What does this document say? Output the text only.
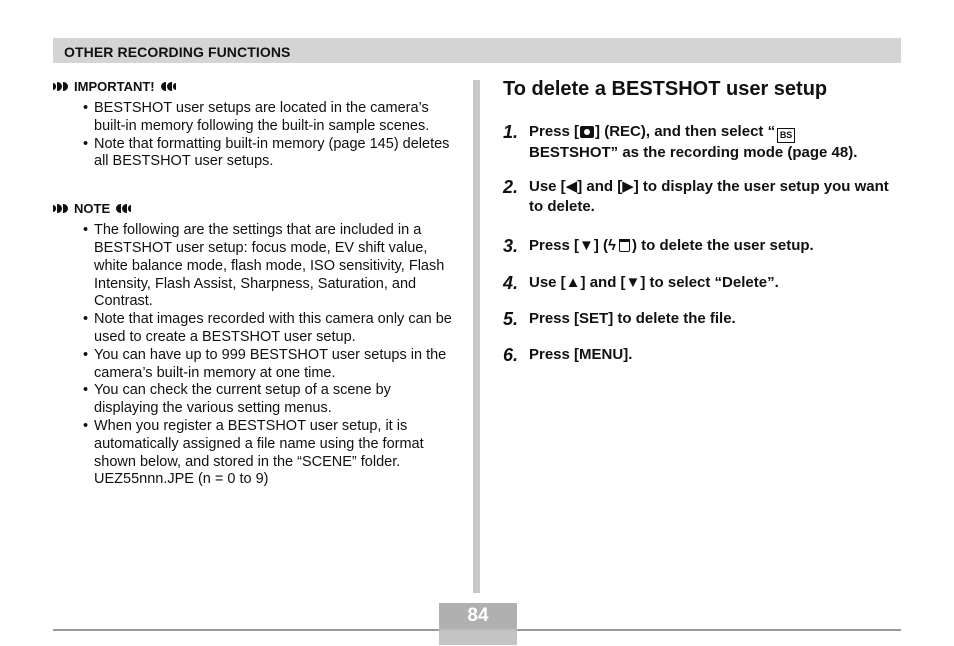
OTHER RECORDING FUNCTIONS
IMPORTANT!
• BESTSHOT user setups are located in the camera’s built-in memory following the built-in sample scenes.
• Note that formatting built-in memory (page 145) deletes all BESTSHOT user setups.
NOTE
• The following are the settings that are included in a BESTSHOT user setup: focus mode, EV shift value, white balance mode, flash mode, ISO sensitivity, Flash Intensity, Flash Assist, Sharpness, Saturation, and Contrast.
• Note that images recorded with this camera only can be used to create a BESTSHOT user setup.
• You can have up to 999 BESTSHOT user setups in the camera’s built-in memory at one time.
• You can check the current setup of a scene by displaying the various setting menus.
• When you register a BESTSHOT user setup, it is automatically assigned a file name using the format shown below, and stored in the “SCENE” folder.
UEZ55nnn.JPE (n = 0 to 9)
To delete a BESTSHOT user setup
1. Press [ ] (REC), and then select “ BS
BESTSHOT” as the recording mode (page 48).
2. Use [◀] and [▶] to display the user setup you want to delete.
3. Press [▼] (ϟ ) to delete the user setup.
4. Use [▲] and [▼] to select “Delete”.
5. Press [SET] to delete the file.
6. Press [MENU].
84
